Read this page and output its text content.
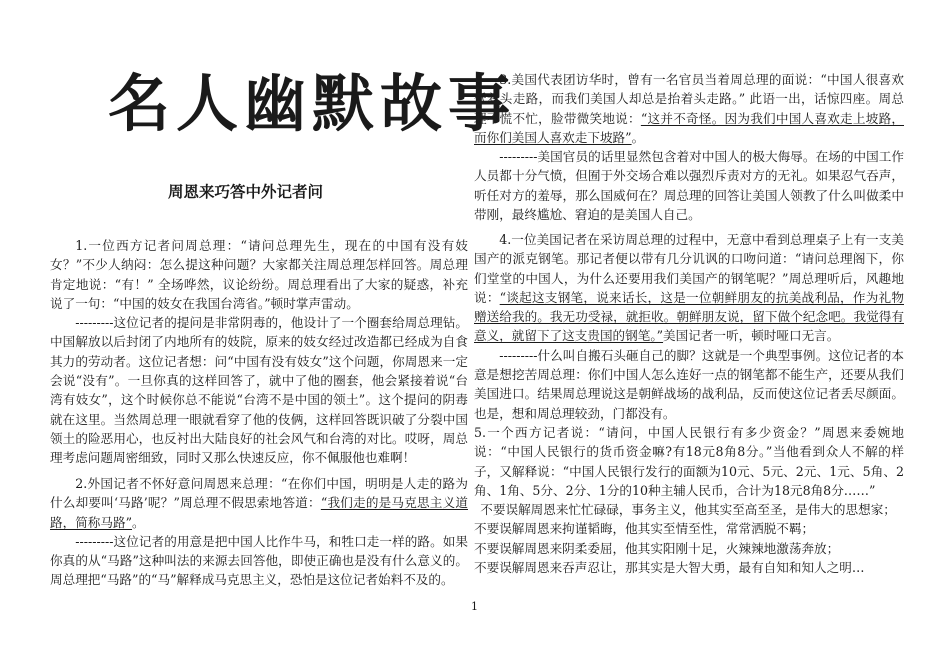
名人幽默故事
周恩来巧答中外记者问

1.一位西方记者问周总理：“请问总理先生，现在的中国有没有妓女？”不少人纳闷：怎么提这种问题？大家都关注周总理怎样回答。周总理肯定地说：“有！” 全场哗然，议论纷纷。周总理看出了大家的疑惑，补充说了一句：“中国的妓女在我国台湾省。”顿时掌声雷动。

---------这位记者的提问是非常阴毒的，他设计了一个圈套给周总理钻。中国解放以后封闭了内地所有的妓院，原来的妓女经过改造都已经成为自食其力的劳动者。这位记者想：问“中国有没有妓女”这个问题，你周恩来一定会说“没有”。一旦你真的这样回答了，就中了他的圈套，他会紧接着说“台湾有妓女”，这个时候你总不能说“台湾不是中国的领土”。这个提问的阴毒就在这里。当然周总理一眼就看穿了他的伎俩，这样回答既识破了分裂中国领土的险恶用心，也反衬出大陆良好的社会风气和台湾的对比。哎呀，周总理考虑问题周密细致，同时又那么快速反应，你不佩服他也难啊！

2.外国记者不怀好意问周恩来总理：“在你们中国，明明是人走的路为什么却要叫‘马路’呢？”周总理不假思索地答道：“我们走的是马克思主义道路，简称马路”。

---------这位记者的用意是把中国人比作牛马，和牲口走一样的路。如果你真的从“马路”这种叫法的来源去回答他，即使正确也是没有什么意义的。周总理把“马路”的“马”解释成马克思主义，恐怕是这位记者始料不及的。

3.美国代表团访华时，曾有一名官员当着周总理的面说：“中国人很喜欢低着头走路，而我们美国人却总是抬着头走路。” 此语一出，话惊四座。周总理不慌不忙，脸带微笑地说：“这并不奇怪。因为我们中国人喜欢走上坡路，而你们美国人喜欢走下坡路”。

---------美国官员的话里显然包含着对中国人的极大侮辱。在场的中国工作人员都十分气愤，但囿于外交场合难以强烈斥责对方的无礼。如果忍气吞声，听任对方的羞辱，那么国威何在？周总理的回答让美国人领教了什么叫做柔中带刚，最终尴尬、窘迫的是美国人自己。

4.一位美国记者在采访周总理的过程中，无意中看到总理桌子上有一支美国产的派克钢笔。那记者便以带有几分讥讽的口吻问道：“请问总理阁下，你们堂堂的中国人，为什么还要用我们美国产的钢笔呢？”周总理听后，风趣地说：“谈起这支钢笔，说来话长，这是一位朝鲜朋友的抗美战利品，作为礼物赠送给我的。我无功受禄，就拒收。朝鲜朋友说，留下做个纪念吧。我觉得有意义，就留下了这支贵国的钢笔。”美国记者一听，顿时哑口无言。

---------什么叫自搬石头砸自己的脚？这就是一个典型事例。这位记者的本意是想挖苦周总理：你们中国人怎么连好一点的钢笔都不能生产，还要从我们美国进口。结果周总理说这是朝鲜战场的战利品，反而使这位记者丢尽颜面。也是，想和周总理较劲，门都没有。

5.一个西方记者说：“请问，中国人民银行有多少资金？”周恩来委婉地说：“中国人民银行的货币资金嘛?有18元8角8分。”当他看到众人不解的样子，又解释说：“中国人民银行发行的面额为10元、5元、2元、1元、5角、2角、1角、5分、2分、1分的10种主辅人民币，合计为18元8角8分……”

不要误解周恩来忙忙碌碌，事务主义，他其实至高至圣，是伟大的思想家；

不要误解周恩来拘谨韬晦，他其实至情至性，常常洒脱不羁；

不要误解周恩来阴柔委屈，他其实阳刚十足，火辣辣地激荡奔放；

不要误解周恩来吞声忍让，那其实是大智大勇，最有自知和知人之明…

1
